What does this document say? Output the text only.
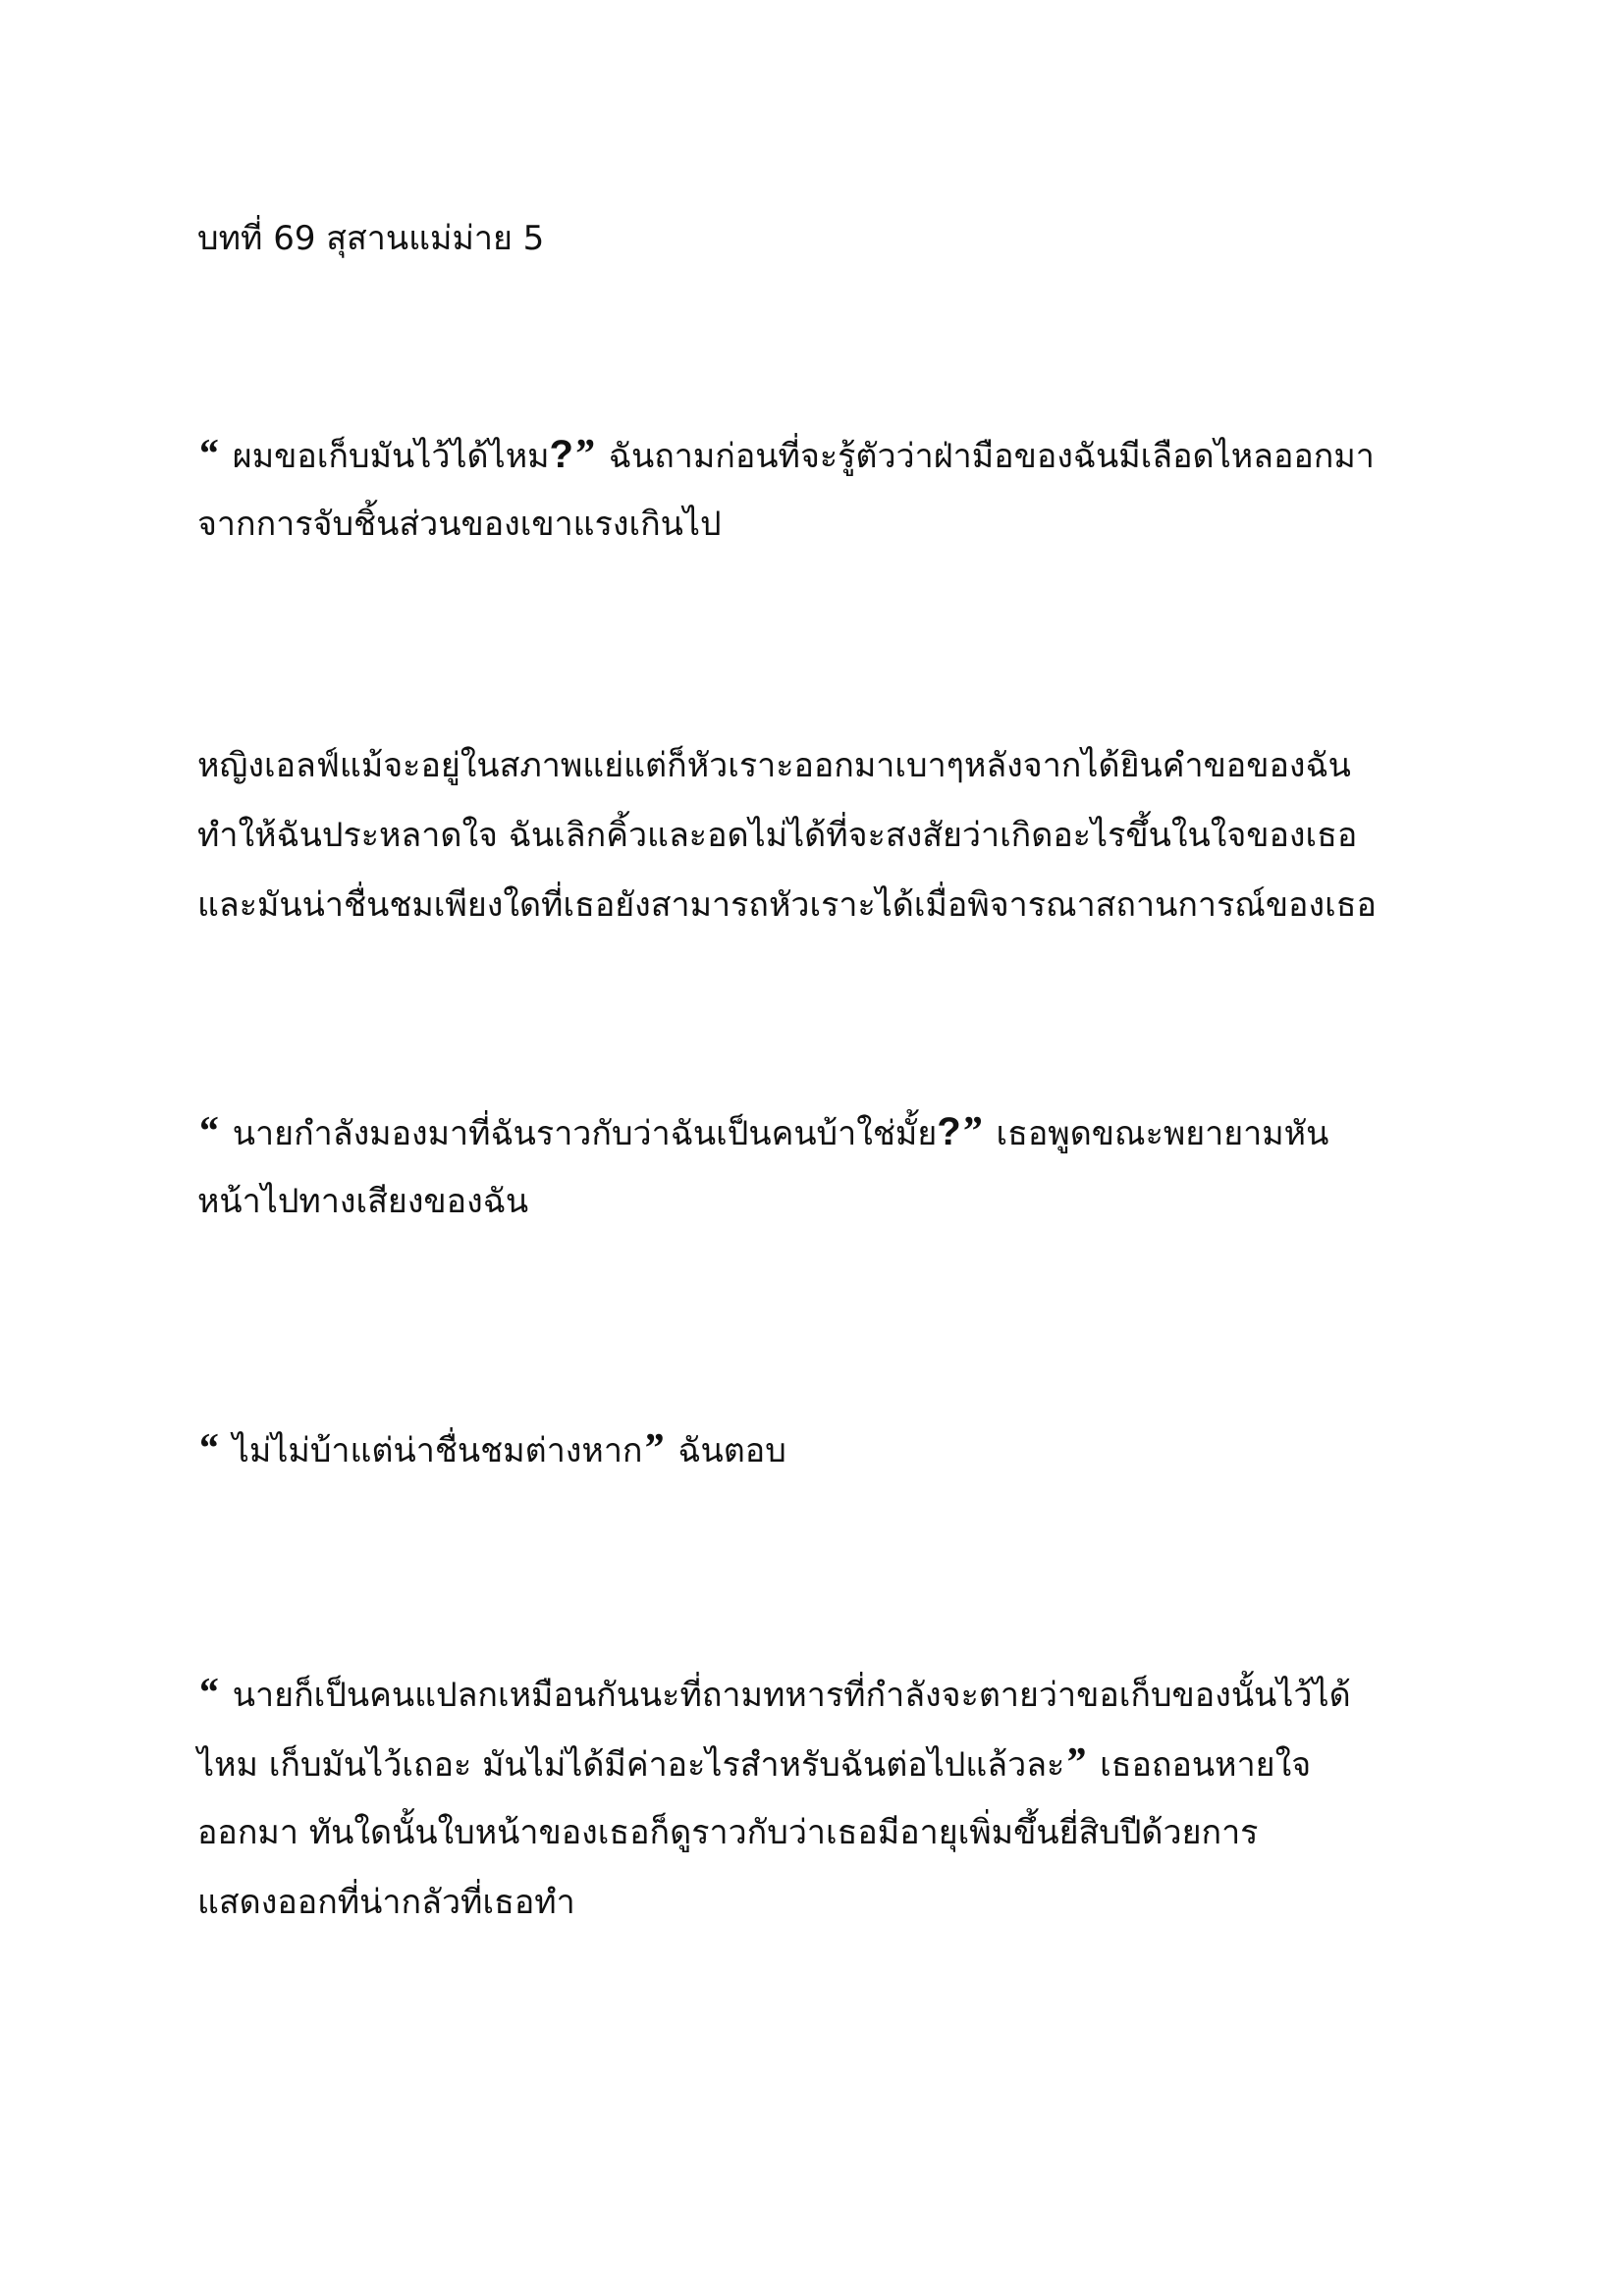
บทที่ 69 สุสานแม่ม่าย 5
“ ผมขอเก็บมันไว้ได้ไหม?” ฉันถามก่อนที่จะรู้ตัวว่าฝ่ามือของฉันมีเลือดไหลออกมา
จากการจับชิ้นส่วนของเขาแรงเกินไป
หญิงเอลฟ์แม้จะอยู่ในสภาพแย่แต่ก็หัวเราะออกมาเบาๆหลังจากได้ยินคำขอของฉัน
ทำให้ฉันประหลาดใจ ฉันเลิกคิ้วและอดไม่ได้ที่จะสงสัยว่าเกิดอะไรขึ้นในใจของเธอ
และมันน่าชื่นชมเพียงใดที่เธอยังสามารถหัวเราะได้เมื่อพิจารณาสถานการณ์ของเธอ
“ นายกำลังมองมาที่ฉันราวกับว่าฉันเป็นคนบ้าใช่มั้ย?” เธอพูดขณะพยายามหัน
หน้าไปทางเสียงของฉัน
“ ไม่ไม่บ้าแต่น่าชื่นชมต่างหาก” ฉันตอบ
“ นายก็เป็นคนแปลกเหมือนกันนะที่ถามทหารที่กำลังจะตายว่าขอเก็บของนั้นไว้ได้
ไหม เก็บมันไว้เถอะ มันไม่ได้มีค่าอะไรสำหรับฉันต่อไปแล้วละ” เธอถอนหายใจ
ออกมา ทันใดนั้นใบหน้าของเธอก็ดูราวกับว่าเธอมีอายุเพิ่มขึ้นยี่สิบปีด้วยการ
แสดงออกที่น่ากลัวที่เธอทำ
